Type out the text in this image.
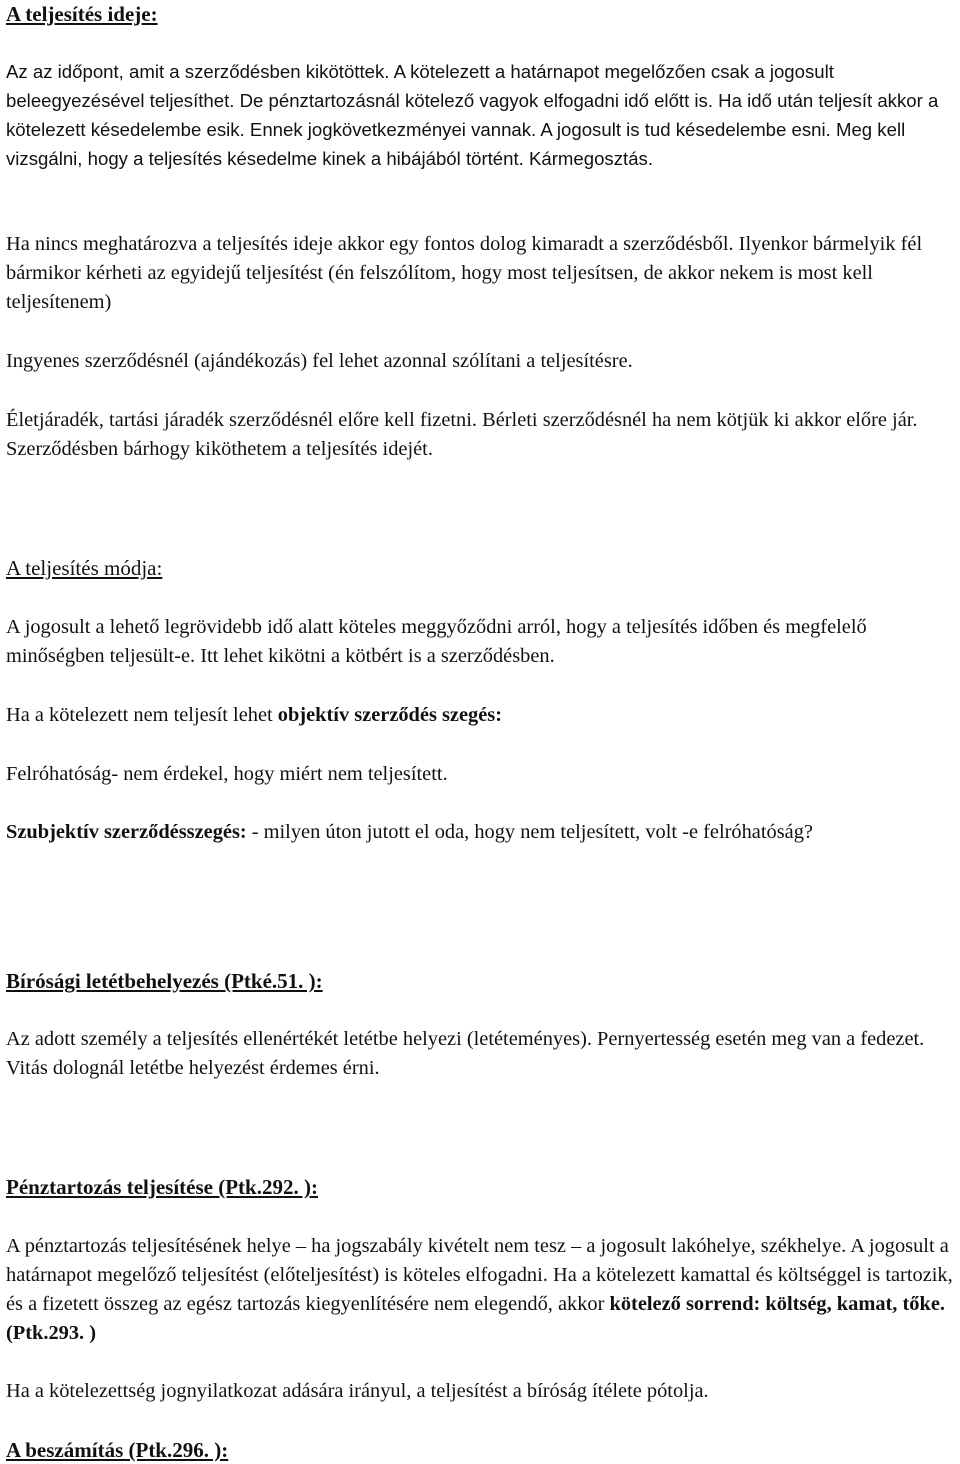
A teljesítés ideje:

Az az időpont, amit a szerződésben kikötöttek. A kötelezett a határnapot megelőzően csak a jogosult beleegyezésével teljesíthet. De pénztartozásnál kötelező vagyok elfogadni idő előtt is. Ha idő után teljesít akkor a kötelezett késedelembe esik. Ennek jogkövetkezményei vannak. A jogosult is tud késedelembe esni. Meg kell vizsgálni, hogy a teljesítés késedelme kinek a hibájából történt. Kármegosztás.

Ha nincs meghatározva a teljesítés ideje akkor egy fontos dolog kimaradt a szerződésből. Ilyenkor bármelyik fél bármikor kérheti az egyidejű teljesítést (én felszólítom, hogy most teljesítsen, de akkor nekem is most kell teljesítenem)

Ingyenes szerződésnél (ajándékozás) fel lehet azonnal szólítani a teljesítésre.

Életjáradék, tartási járadék szerződésnél előre kell fizetni. Bérleti szerződésnél ha nem kötjük ki akkor előre jár. Szerződésben bárhogy kiköthetem a teljesítés idejét.

A teljesítés módja:

A jogosult a lehető legrövidebb idő alatt köteles meggyőződni arról, hogy a teljesítés időben és megfelelő minőségben teljesült-e. Itt lehet kikötni a kötbért is a szerződésben.

Ha a kötelezett nem teljesít lehet objektív szerződés szegés:

Felróhatóság- nem érdekel, hogy miért nem teljesített.

Szubjektív szerződésszegés: - milyen úton jutott el oda, hogy nem teljesített, volt -e felróhatóság?

Bírósági letétbehelyezés (Ptké.51. ):

Az adott személy a teljesítés ellenértékét letétbe helyezi (letéteményes). Pernyertesség esetén meg van a fedezet. Vitás dolognál letétbe helyezést érdemes érni.

Pénztartozás teljesítése (Ptk.292. ):

A pénztartozás teljesítésének helye – ha jogszabály kivételt nem tesz – a jogosult lakóhelye, székhelye. A jogosult a határnapot megelőző teljesítést (előteljesítést) is köteles elfogadni. Ha a kötelezett kamattal és költséggel is tartozik, és a fizetett összeg az egész tartozás kiegyenlítésére nem elegendő, akkor kötelező sorrend: költség, kamat, tőke. (Ptk.293. )

Ha a kötelezettség jognyilatkozat adására irányul, a teljesítést a bíróság ítélete pótolja.

A beszámítás (Ptk.296. ):
